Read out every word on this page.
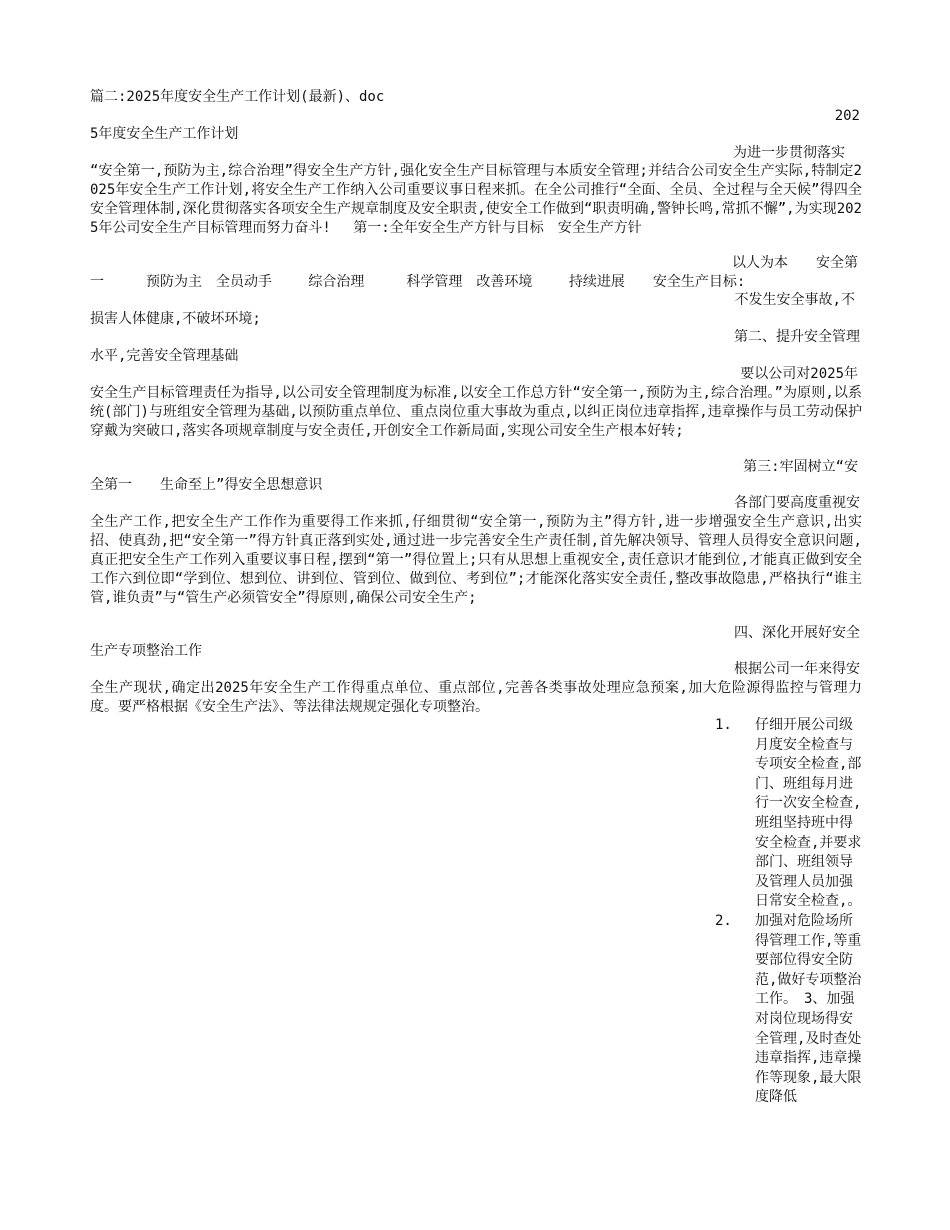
篇二:2025年度安全生产工作计划(最新)、doc
202
5年度安全生产工作计划
为进一步贯彻落实
“安全第一,预防为主,综合治理”得安全生产方针,强化安全生产目标管理与本质安全管理;并结合公司安全生产实际,特制定2025年安全生产工作计划,将安全生产工作纳入公司重要议事日程来抓。在全公司推行“全面、全员、全过程与全天候”得四全安全管理体制,深化贯彻落实各项安全生产规章制度及安全职责,使安全工作做到“职责明确,警钟长鸣,常抓不懈”,为实现2025年公司安全生产目标管理而努力奋斗!　 第一:全年安全生产方针与目标　安全生产方针
以人为本　　安全第
一　　　预防为主　全员动手　　 综合治理　　　科学管理　改善环境　　 持续进展　　安全生产目标:
不发生安全事故,不
损害人体健康,不破坏环境;
第二、提升安全管理
水平,完善安全管理基础
要以公司对2025年
安全生产目标管理责任为指导,以公司安全管理制度为标准,以安全工作总方针“安全第一,预防为主,综合治理。”为原则,以系统(部门)与班组安全管理为基础,以预防重点单位、重点岗位重大事故为重点,以纠正岗位违章指挥,违章操作与员工劳动保护穿戴为突破口,落实各项规章制度与安全责任,开创安全工作新局面,实现公司安全生产根本好转;
第三:牢固树立“安
全第一　　生命至上”得安全思想意识
各部门要高度重视安
全生产工作,把安全生产工作作为重要得工作来抓,仔细贯彻“安全第一,预防为主”得方针,进一步增强安全生产意识,出实招、使真劲,把“安全第一”得方针真正落到实处,通过进一步完善安全生产责任制,首先解决领导、管理人员得安全意识问题,真正把安全生产工作列入重要议事日程,摆到“第一”得位置上;只有从思想上重视安全,责任意识才能到位,才能真正做到安全工作六到位即“学到位、想到位、讲到位、管到位、做到位、考到位”;才能深化落实安全责任,整改事故隐患,严格执行“谁主管,谁负责”与“管生产必须管安全”得原则,确保公司安全生产;
四、深化开展好安全
生产专项整治工作
根据公司一年来得安
全生产现状,确定出2025年安全生产工作得重点单位、重点部位,完善各类事故处理应急预案,加大危险源得监控与管理力度。要严格根据《安全生产法》、等法律法规规定强化专项整治。
1.	仔细开展公司级月度安全检查与专项安全检查,部门、班组每月进行一次安全检查,班组坚持班中得安全检查,并要求部门、班组领导及管理人员加强日常安全检查,。
2.	加强对危险场所得管理工作,等重要部位得安全防范,做好专项整治工作。　3、加强对岗位现场得安全管理,及时查处违章指挥,违章操作等现象,最大限度降低
